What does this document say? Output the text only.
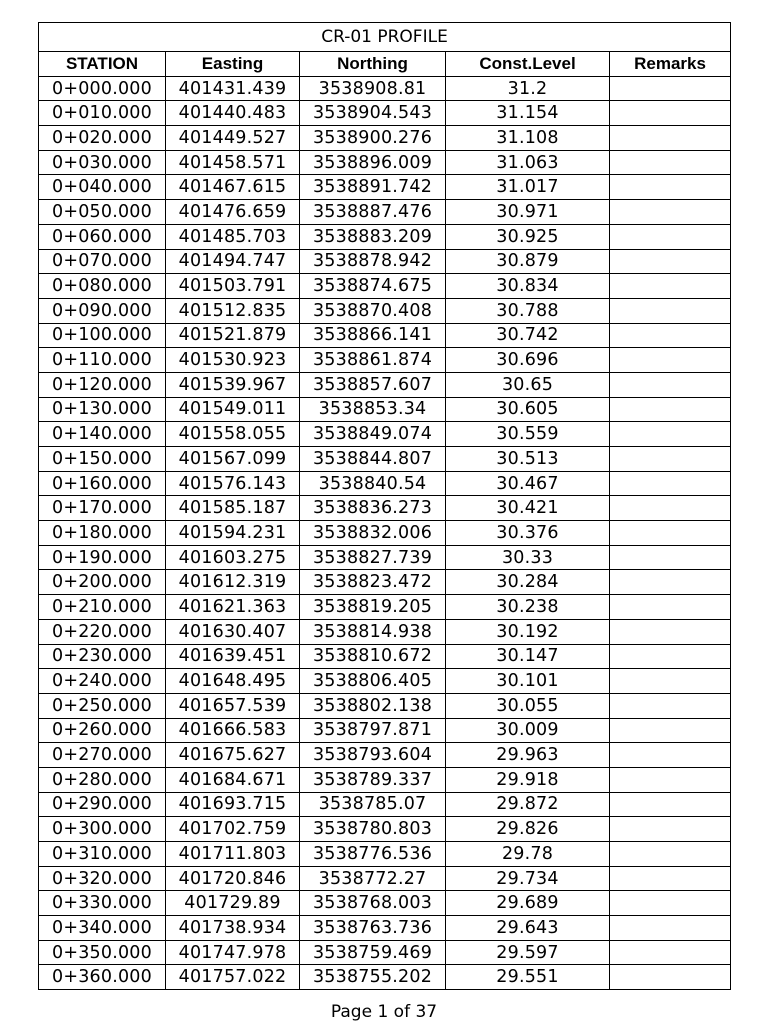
CR-01 PROFILE				
STATION	Easting	Northing	Const.Level	Remarks
0+000.000	401431.439	3538908.81	31.2	
0+010.000	401440.483	3538904.543	31.154	
0+020.000	401449.527	3538900.276	31.108	
0+030.000	401458.571	3538896.009	31.063	
0+040.000	401467.615	3538891.742	31.017	
0+050.000	401476.659	3538887.476	30.971	
0+060.000	401485.703	3538883.209	30.925	
0+070.000	401494.747	3538878.942	30.879	
0+080.000	401503.791	3538874.675	30.834	
0+090.000	401512.835	3538870.408	30.788	
0+100.000	401521.879	3538866.141	30.742	
0+110.000	401530.923	3538861.874	30.696	
0+120.000	401539.967	3538857.607	30.65	
0+130.000	401549.011	3538853.34	30.605	
0+140.000	401558.055	3538849.074	30.559	
0+150.000	401567.099	3538844.807	30.513	
0+160.000	401576.143	3538840.54	30.467	
0+170.000	401585.187	3538836.273	30.421	
0+180.000	401594.231	3538832.006	30.376	
0+190.000	401603.275	3538827.739	30.33	
0+200.000	401612.319	3538823.472	30.284	
0+210.000	401621.363	3538819.205	30.238	
0+220.000	401630.407	3538814.938	30.192	
0+230.000	401639.451	3538810.672	30.147	
0+240.000	401648.495	3538806.405	30.101	
0+250.000	401657.539	3538802.138	30.055	
0+260.000	401666.583	3538797.871	30.009	
0+270.000	401675.627	3538793.604	29.963	
0+280.000	401684.671	3538789.337	29.918	
0+290.000	401693.715	3538785.07	29.872	
0+300.000	401702.759	3538780.803	29.826	
0+310.000	401711.803	3538776.536	29.78	
0+320.000	401720.846	3538772.27	29.734	
0+330.000	401729.89	3538768.003	29.689	
0+340.000	401738.934	3538763.736	29.643	
0+350.000	401747.978	3538759.469	29.597	
0+360.000	401757.022	3538755.202	29.551	
Page 1 of 37
